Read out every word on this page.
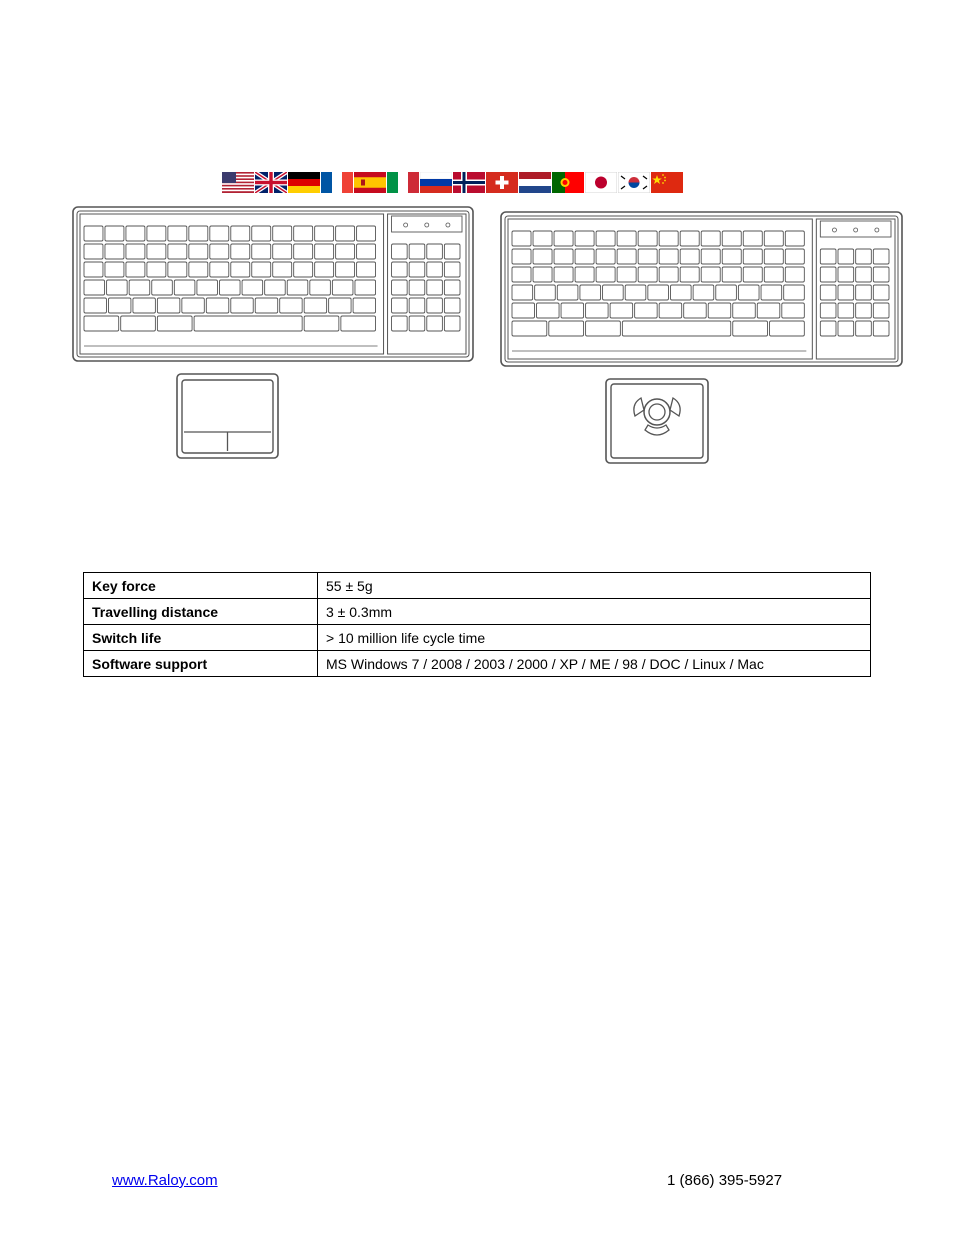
Key force	55 ± 5g
Travelling distance	3 ± 0.3mm
Switch life	> 10 million life cycle time
Software support	MS Windows 7 / 2008 / 2003 / 2000 / XP / ME / 98 / DOC / Linux / Mac
www.Raloy.com	1 (866) 395-5927
